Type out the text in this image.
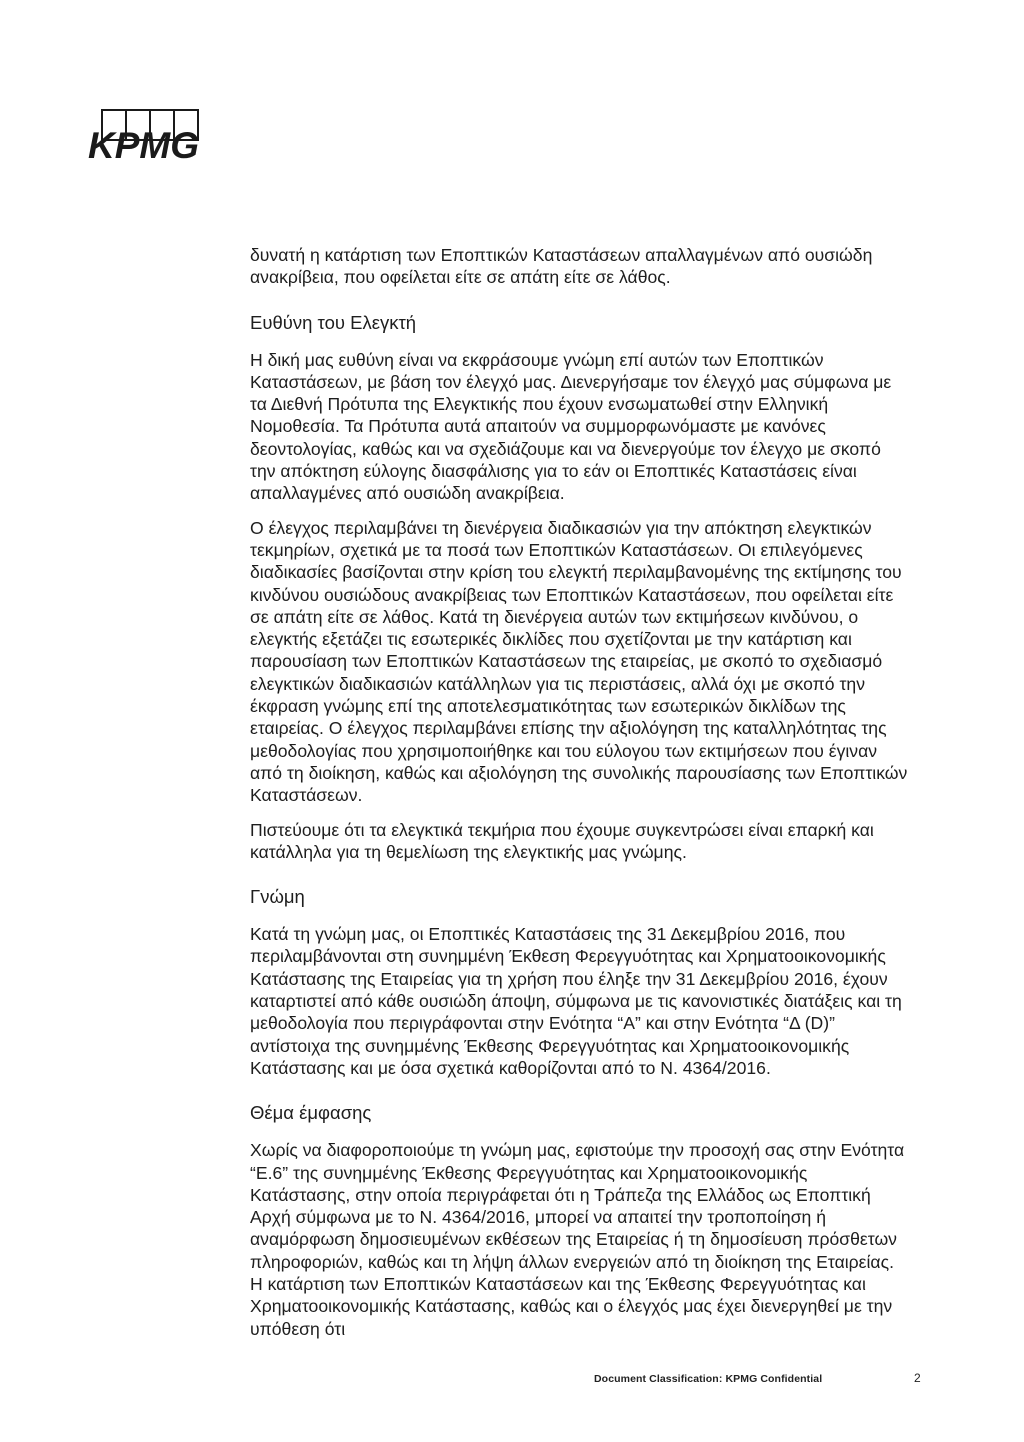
KPMG

δυνατή η κατάρτιση των Εποπτικών Καταστάσεων απαλλαγμένων από ουσιώδη ανακρίβεια, που οφείλεται είτε σε απάτη είτε σε λάθος.

Ευθύνη του Ελεγκτή

Η δική μας ευθύνη είναι να εκφράσουμε γνώμη επί αυτών των Εποπτικών Καταστάσεων, με βάση τον έλεγχό μας. Διενεργήσαμε τον έλεγχό μας σύμφωνα με τα Διεθνή Πρότυπα της Ελεγκτικής που έχουν ενσωματωθεί στην Ελληνική Νομοθεσία. Τα Πρότυπα αυτά απαιτούν να συμμορφωνόμαστε με κανόνες δεοντολογίας, καθώς και να σχεδιάζουμε και να διενεργούμε τον έλεγχο με σκοπό την απόκτηση εύλογης διασφάλισης για το εάν οι Εποπτικές Καταστάσεις είναι απαλλαγμένες από ουσιώδη ανακρίβεια.

Ο έλεγχος περιλαμβάνει τη διενέργεια διαδικασιών για την απόκτηση ελεγκτικών τεκμηρίων, σχετικά με τα ποσά των Εποπτικών Καταστάσεων. Οι επιλεγόμενες διαδικασίες βασίζονται στην κρίση του ελεγκτή περιλαμβανομένης της εκτίμησης του κινδύνου ουσιώδους ανακρίβειας των Εποπτικών Καταστάσεων, που οφείλεται είτε σε απάτη είτε σε λάθος. Κατά τη διενέργεια αυτών των εκτιμήσεων κινδύνου, ο ελεγκτής εξετάζει τις εσωτερικές δικλίδες που σχετίζονται με την κατάρτιση και παρουσίαση των Εποπτικών Καταστάσεων της εταιρείας, με σκοπό το σχεδιασμό ελεγκτικών διαδικασιών κατάλληλων για τις περιστάσεις, αλλά όχι με σκοπό την έκφραση γνώμης επί της αποτελεσματικότητας των εσωτερικών δικλίδων της εταιρείας. Ο έλεγχος περιλαμβάνει επίσης την αξιολόγηση της καταλληλότητας της μεθοδολογίας που χρησιμοποιήθηκε και του εύλογου των εκτιμήσεων που έγιναν από τη διοίκηση, καθώς και αξιολόγηση της συνολικής παρουσίασης των Εποπτικών Καταστάσεων.

Πιστεύουμε ότι τα ελεγκτικά τεκμήρια που έχουμε συγκεντρώσει είναι επαρκή και κατάλληλα για τη θεμελίωση της ελεγκτικής μας γνώμης.

Γνώμη

Κατά τη γνώμη μας, οι Εποπτικές Καταστάσεις της 31 Δεκεμβρίου 2016, που περιλαμβάνονται στη συνημμένη Έκθεση Φερεγγυότητας και Χρηματοοικονομικής Κατάστασης της Εταιρείας για τη χρήση που έληξε την 31 Δεκεμβρίου 2016, έχουν καταρτιστεί από κάθε ουσιώδη άποψη, σύμφωνα με τις κανονιστικές διατάξεις και τη μεθοδολογία που περιγράφονται στην Ενότητα “Α” και στην Ενότητα “Δ (D)” αντίστοιχα της συνημμένης Έκθεσης Φερεγγυότητας και Χρηματοοικονομικής Κατάστασης και με όσα σχετικά καθορίζονται από το Ν. 4364/2016.

Θέμα έμφασης

Χωρίς να διαφοροποιούμε τη γνώμη μας, εφιστούμε την προσοχή σας στην Ενότητα “Ε.6” της συνημμένης Έκθεσης Φερεγγυότητας και Χρηματοοικονομικής Κατάστασης, στην οποία περιγράφεται ότι η Τράπεζα της Ελλάδος ως Εποπτική Αρχή σύμφωνα με το Ν. 4364/2016, μπορεί να απαιτεί την τροποποίηση ή αναμόρφωση δημοσιευμένων εκθέσεων της Εταιρείας ή τη δημοσίευση πρόσθετων πληροφοριών, καθώς και τη λήψη άλλων ενεργειών από τη διοίκηση της Εταιρείας. Η κατάρτιση των Εποπτικών Καταστάσεων και της Έκθεσης Φερεγγυότητας και Χρηματοοικονομικής Κατάστασης, καθώς και ο έλεγχός μας έχει διενεργηθεί με την υπόθεση ότι

Document Classification: KPMG Confidential	2
